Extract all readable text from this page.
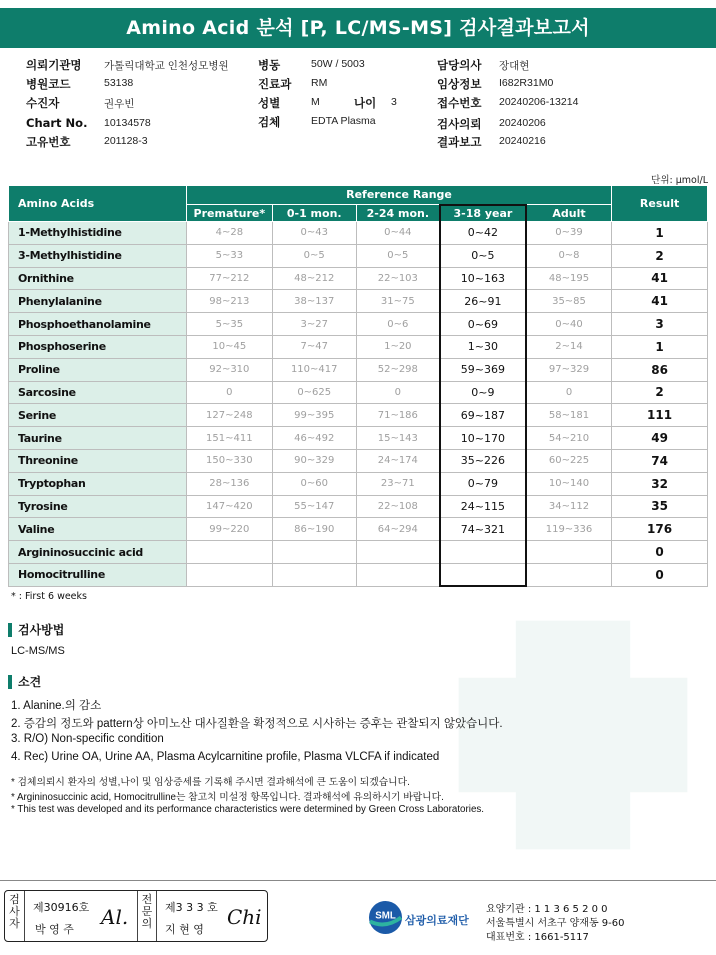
Amino Acid 분석 [P, LC/MS-MS] 검사결과보고서
의뢰기관명 가톨릭대학교 인천성모병원	병동	50W / 5003	담당의사 장대현
병원코드	53138	진료과 RM	임상정보 I682R31M0
수진자	권우빈	성별	M	나이 3	접수번호 20240206-13214
Chart No. 10134578	검체	EDTA Plasma	검사의뢰 20240206
고유번호	201128-3	결과보고 20240216
단위: μmol/L
Amino Acids	Reference Range					Result
	Premature*	0-1 mon.	2-24 mon.	3-18 year	Adult	
1-Methylhistidine	4~28	0~43	0~44	0~42	0~39	1
3-Methylhistidine	5~33	0~5	0~5	0~5	0~8	2
Ornithine	77~212	48~212	22~103	10~163	48~195	41
Phenylalanine	98~213	38~137	31~75	26~91	35~85	41
Phosphoethanolamine	5~35	3~27	0~6	0~69	0~40	3
Phosphoserine	10~45	7~47	1~20	1~30	2~14	1
Proline	92~310	110~417	52~298	59~369	97~329	86
Sarcosine	0	0~625	0	0~9	0	2
Serine	127~248	99~395	71~186	69~187	58~181	111
Taurine	151~411	46~492	15~143	10~170	54~210	49
Threonine	150~330	90~329	24~174	35~226	60~225	74
Tryptophan	28~136	0~60	23~71	0~79	10~140	32
Tyrosine	147~420	55~147	22~108	24~115	34~112	35
Valine	99~220	86~190	64~294	74~321	119~336	176
Argininosuccinic acid						0
Homocitrulline						0
* : First 6 weeks
검사방법
LC-MS/MS
소견
1. Alanine.의 감소
2. 증감의 정도와 pattern상 아미노산 대사질환을 확정적으로 시사하는 증후는 관찰되지 않았습니다.
3. R/O) Non-specific condition
4. Rec) Urine OA, Urine AA, Plasma Acylcarnitine profile, Plasma VLCFA if indicated
* 검체의뢰시 환자의 성별,나이 및 임상증세를 기록해 주시면 결과해석에 큰 도움이 되겠습니다.
* Argininosuccinic acid, Homocitrulline는 참고치 미설정 항목입니다. 결과해석에 유의하시기 바랍니다.
* This test was developed and its performance characteristics were determined by Green Cross Laboratories.
검사자
제30916호
박 영 주
Al.
전문의
제3 3 3 호
지 현 영
Chi	SML 삼광의료재단
요양기관 : 1 1 3 6 5 2 0 0
서울특별시 서초구 양재동 9-60
대표번호 : 1661-5117
